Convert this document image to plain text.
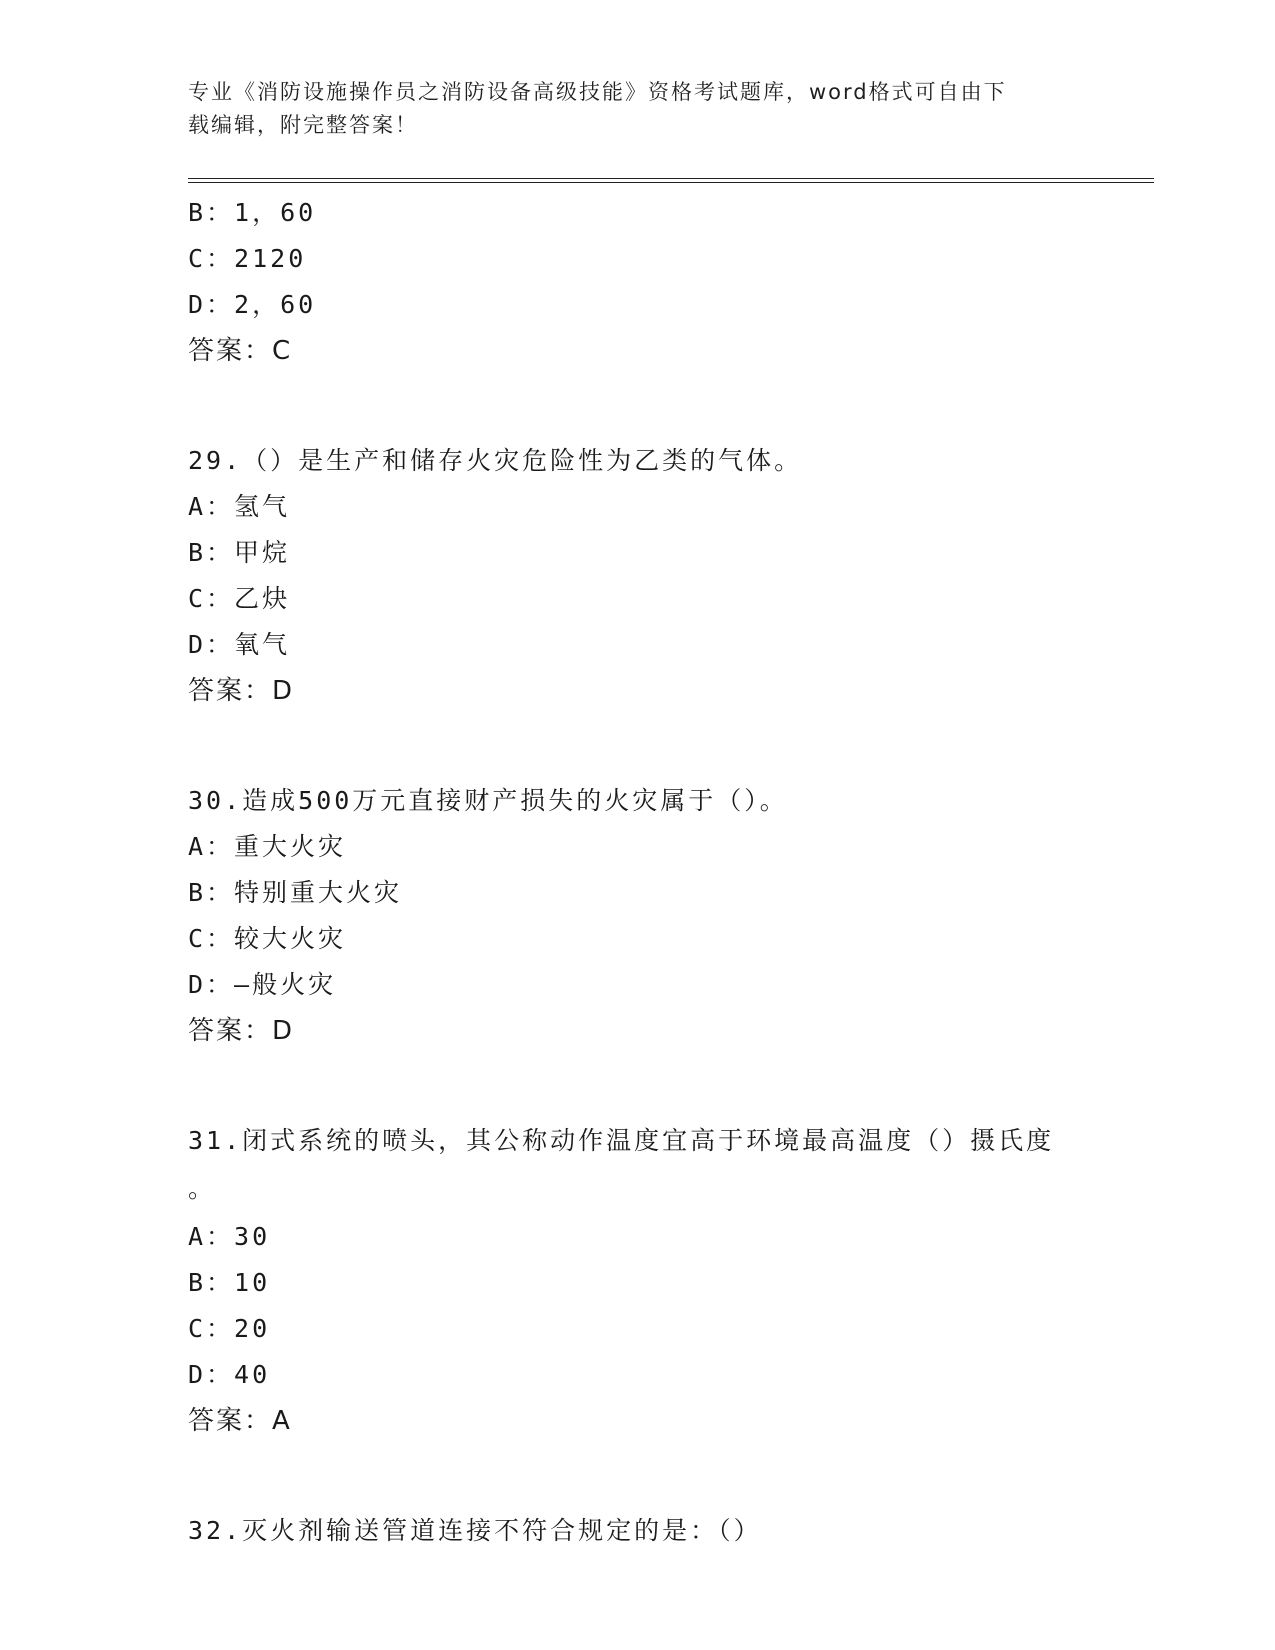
专业《消防设施操作员之消防设备高级技能》资格考试题库，word格式可自由下
载编辑，附完整答案！
B：1，60
C：2120
D：2，60
答案：C
29.（）是生产和储存火灾危险性为乙类的气体。
A：氢气
B：甲烷
C：乙炔
D：氧气
答案：D
30.造成500万元直接财产损失的火灾属于（）。
A：重大火灾
B：特别重大火灾
C：较大火灾
D：—般火灾
答案：D
31.闭式系统的喷头，其公称动作温度宜高于环境最高温度（）摄氏度
。
A：30
B：10
C：20
D：40
答案：A
32.灭火剂输送管道连接不符合规定的是：（）
